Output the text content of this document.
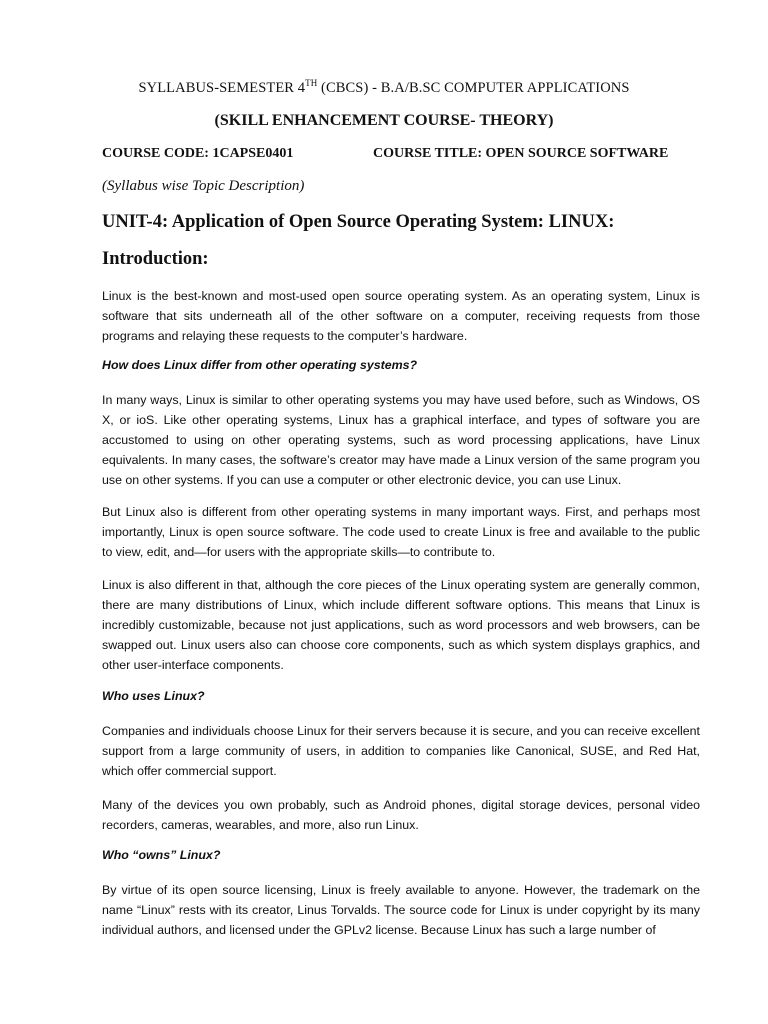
SYLLABUS-SEMESTER 4TH (CBCS) - B.A/B.SC COMPUTER APPLICATIONS
(SKILL ENHANCEMENT COURSE- THEORY)
COURSE CODE: 1CAPSE0401	COURSE TITLE: OPEN SOURCE SOFTWARE
(Syllabus wise Topic Description)
UNIT-4: Application of Open Source Operating System: LINUX:
Introduction:

Linux is the best-known and most-used open source operating system. As an operating system, Linux is software that sits underneath all of the other software on a computer, receiving requests from those programs and relaying these requests to the computer’s hardware.

How does Linux differ from other operating systems?

In many ways, Linux is similar to other operating systems you may have used before, such as Windows, OS X, or ioS. Like other operating systems, Linux has a graphical interface, and types of software you are accustomed to using on other operating systems, such as word processing applications, have Linux equivalents. In many cases, the software’s creator may have made a Linux version of the same program you use on other systems. If you can use a computer or other electronic device, you can use Linux.

But Linux also is different from other operating systems in many important ways. First, and perhaps most importantly, Linux is open source software. The code used to create Linux is free and available to the public to view, edit, and—for users with the appropriate skills—to contribute to.

Linux is also different in that, although the core pieces of the Linux operating system are generally common, there are many distributions of Linux, which include different software options. This means that Linux is incredibly customizable, because not just applications, such as word processors and web browsers, can be swapped out. Linux users also can choose core components, such as which system displays graphics, and other user-interface components.

Who uses Linux?

Companies and individuals choose Linux for their servers because it is secure, and you can receive excellent support from a large community of users, in addition to companies like Canonical, SUSE, and Red Hat, which offer commercial support.

Many of the devices you own probably, such as Android phones, digital storage devices, personal video recorders, cameras, wearables, and more, also run Linux.

Who “owns” Linux?

By virtue of its open source licensing, Linux is freely available to anyone. However, the trademark on the name “Linux” rests with its creator, Linus Torvalds. The source code for Linux is under copyright by its many individual authors, and licensed under the GPLv2 license. Because Linux has such a large number of
